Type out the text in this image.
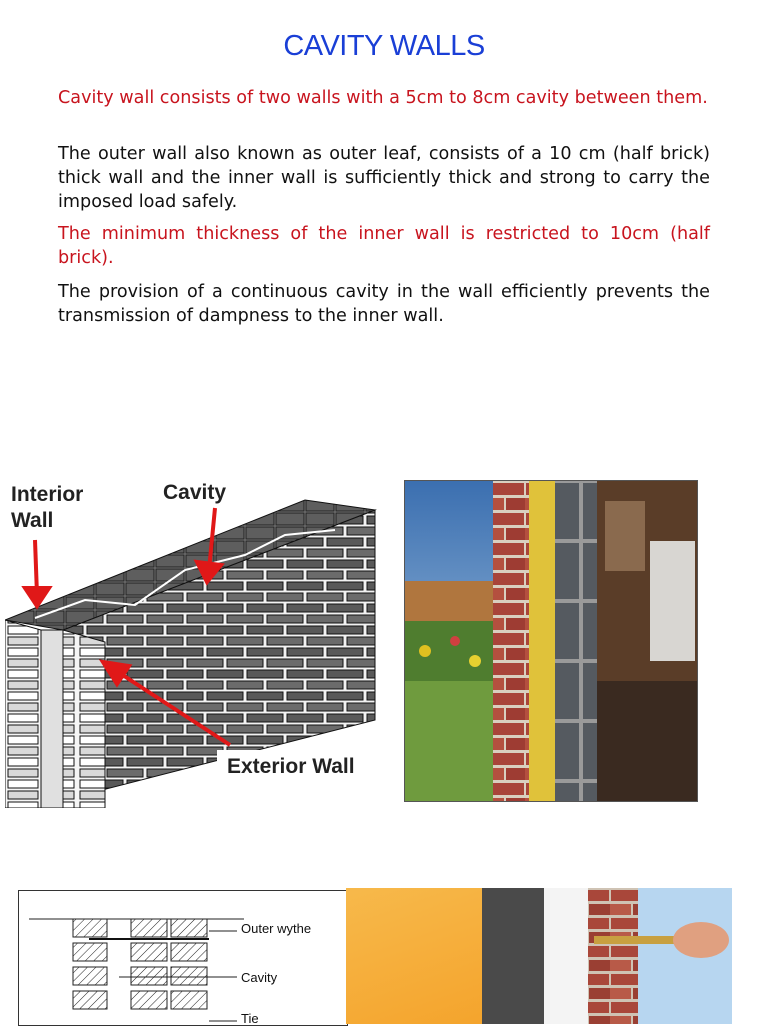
CAVITY WALLS

Cavity wall consists of two walls with a 5cm to 8cm cavity between them.

The outer wall also known as outer leaf, consists of a 10 cm (half brick) thick wall and the inner wall is sufficiently thick and strong to carry the imposed load safely.

The minimum thickness of the inner wall is restricted to 10cm (half brick).

The provision of a continuous cavity in the wall efficiently prevents the transmission of dampness to the inner wall.

Interior
Wall
Cavity
Exterior Wall
Outer wythe
Cavity
Tie
